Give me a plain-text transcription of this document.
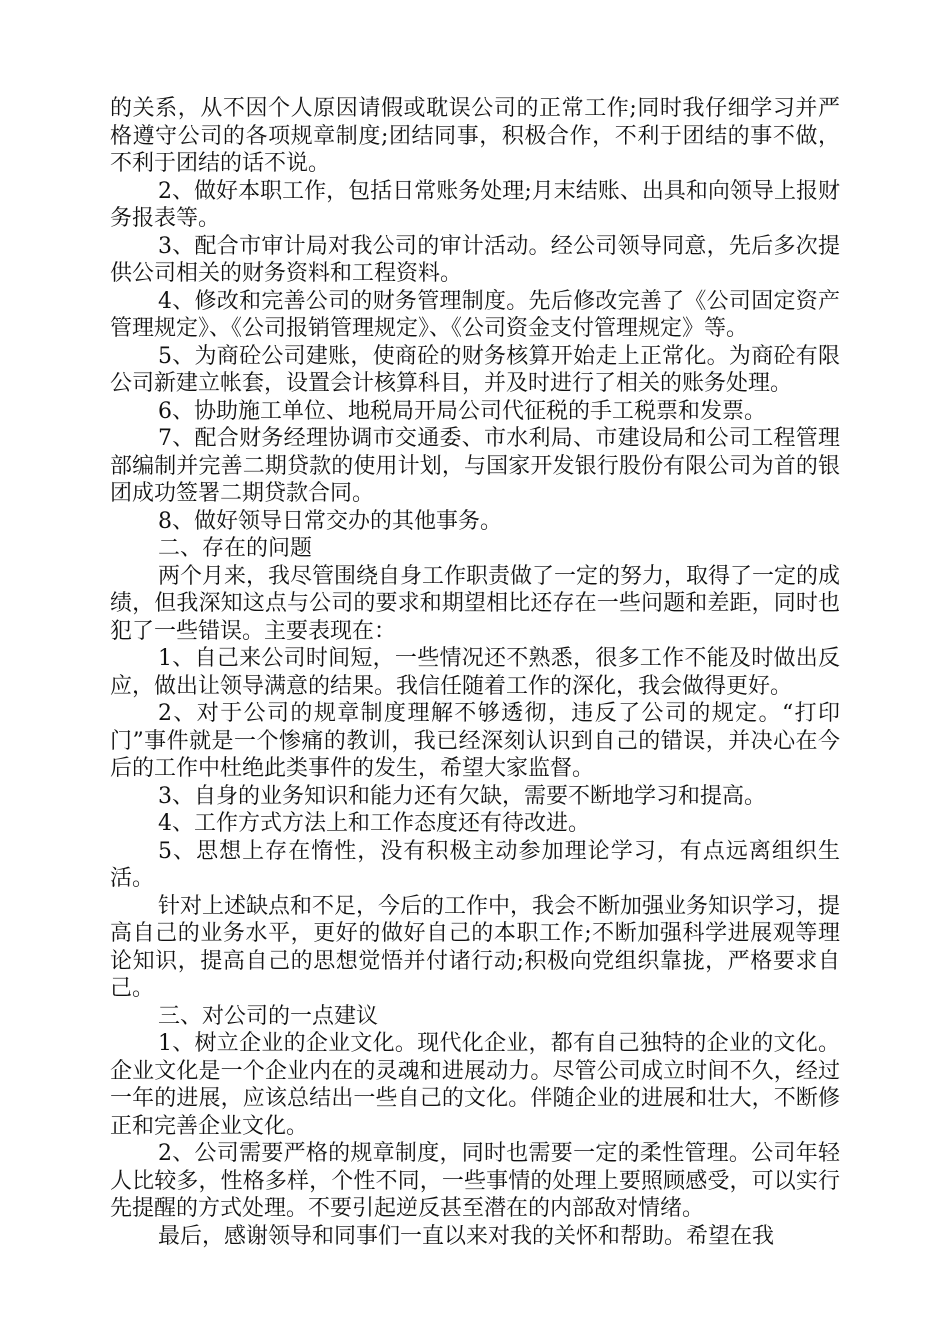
的关系，从不因个人原因请假或耽误公司的正常工作;同时我仔细学习并严格遵守公司的各项规章制度;团结同事，积极合作，不利于团结的事不做，不利于团结的话不说。

2、做好本职工作，包括日常账务处理;月末结账、出具和向领导上报财务报表等。

3、配合市审计局对我公司的审计活动。经公司领导同意，先后多次提供公司相关的财务资料和工程资料。

4、修改和完善公司的财务管理制度。先后修改完善了《公司固定资产管理规定》、《公司报销管理规定》、《公司资金支付管理规定》等。

5、为商砼公司建账，使商砼的财务核算开始走上正常化。为商砼有限公司新建立帐套，设置会计核算科目，并及时进行了相关的账务处理。

6、协助施工单位、地税局开局公司代征税的手工税票和发票。

7、配合财务经理协调市交通委、市水利局、市建设局和公司工程管理部编制并完善二期贷款的使用计划，与国家开发银行股份有限公司为首的银团成功签署二期贷款合同。

8、做好领导日常交办的其他事务。

二、存在的问题

两个月来，我尽管围绕自身工作职责做了一定的努力，取得了一定的成绩，但我深知这点与公司的要求和期望相比还存在一些问题和差距，同时也犯了一些错误。主要表现在：

1、自己来公司时间短，一些情况还不熟悉，很多工作不能及时做出反应，做出让领导满意的结果。我信任随着工作的深化，我会做得更好。

2、对于公司的规章制度理解不够透彻，违反了公司的规定。“打印门”事件就是一个惨痛的教训，我已经深刻认识到自己的错误，并决心在今后的工作中杜绝此类事件的发生，希望大家监督。

3、自身的业务知识和能力还有欠缺，需要不断地学习和提高。

4、工作方式方法上和工作态度还有待改进。

5、思想上存在惰性，没有积极主动参加理论学习，有点远离组织生活。

针对上述缺点和不足，今后的工作中，我会不断加强业务知识学习，提高自己的业务水平，更好的做好自己的本职工作;不断加强科学进展观等理论知识，提高自己的思想觉悟并付诸行动;积极向党组织靠拢，严格要求自己。

三、对公司的一点建议

1、树立企业的企业文化。现代化企业，都有自己独特的企业的文化。企业文化是一个企业内在的灵魂和进展动力。尽管公司成立时间不久，经过一年的进展，应该总结出一些自己的文化。伴随企业的进展和壮大，不断修正和完善企业文化。

2、公司需要严格的规章制度，同时也需要一定的柔性管理。公司年轻人比较多，性格多样，个性不同，一些事情的处理上要照顾感受，可以实行先提醒的方式处理。不要引起逆反甚至潜在的内部敌对情绪。

最后，感谢领导和同事们一直以来对我的关怀和帮助。希望在我
